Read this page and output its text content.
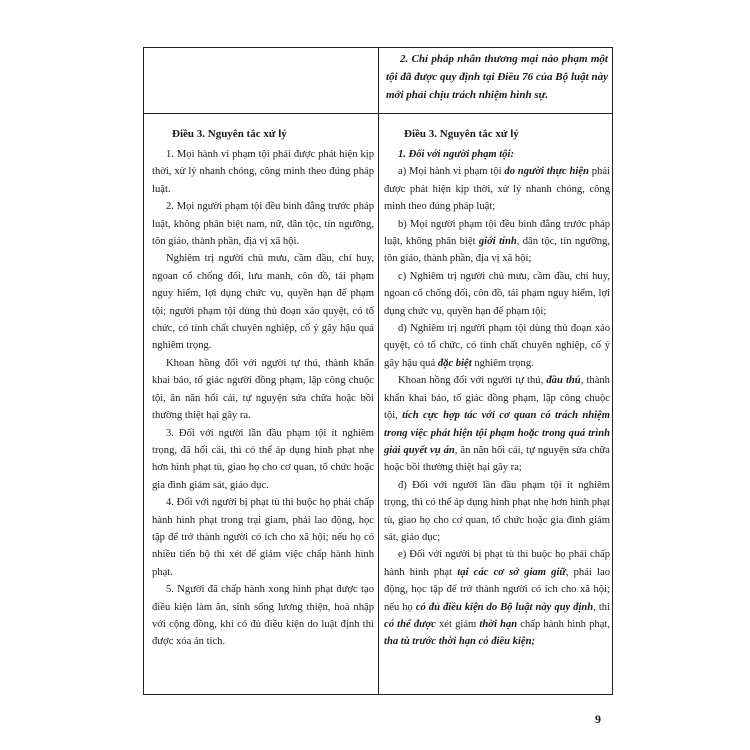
2. Chỉ pháp nhân thương mại nào phạm một tội đã được quy định tại Điều 76 của Bộ luật này mới phải chịu trách nhiệm hình sự.

Điều 3. Nguyên tắc xử lý

1. Mọi hành vi phạm tội phải được phát hiện kịp thời, xử lý nhanh chóng, công minh theo đúng pháp luật.

2. Mọi người phạm tội đều bình đẳng trước pháp luật, không phân biệt nam, nữ, dân tộc, tín ngưỡng, tôn giáo, thành phần, địa vị xã hội.

Nghiêm trị người chủ mưu, cầm đầu, chỉ huy, ngoan cố chống đối, lưu manh, côn đồ, tái phạm nguy hiểm, lợi dụng chức vụ, quyền hạn để phạm tội; người phạm tội dùng thủ đoạn xảo quyệt, có tổ chức, có tính chất chuyên nghiệp, cố ý gây hậu quả nghiêm trọng.

Khoan hồng đối với người tự thú, thành khẩn khai báo, tố giác người đồng phạm, lập công chuộc tội, ăn năn hối cải, tự nguyện sửa chữa hoặc bồi thường thiệt hại gây ra.

3. Đối với người lần đầu phạm tội ít nghiêm trọng, đã hối cải, thì có thể áp dụng hình phạt nhẹ hơn hình phạt tù, giao họ cho cơ quan, tổ chức hoặc gia đình giám sát, giáo dục.

4. Đối với người bị phạt tù thì buộc họ phải chấp hành hình phạt trong trại giam, phải lao động, học tập để trở thành người có ích cho xã hội; nếu họ có nhiều tiến bộ thì xét để giảm việc chấp hành hình phạt.

5. Người đã chấp hành xong hình phạt được tạo điều kiện làm ăn, sinh sống lương thiện, hoà nhập với cộng đồng, khi có đủ điều kiện do luật định thì được xóa án tích.

Điều 3. Nguyên tắc xử lý

1. Đối với người phạm tội:

a) Mọi hành vi phạm tội do người thực hiện phải được phát hiện kịp thời, xử lý nhanh chóng, công minh theo đúng pháp luật;

b) Mọi người phạm tội đều bình đẳng trước pháp luật, không phân biệt giới tính, dân tộc, tín ngưỡng, tôn giáo, thành phần, địa vị xã hội;

c) Nghiêm trị người chủ mưu, cầm đầu, chỉ huy, ngoan cố chống đối, côn đồ, tái phạm nguy hiểm, lợi dụng chức vụ, quyền hạn để phạm tội;

d) Nghiêm trị người phạm tội dùng thủ đoạn xảo quyệt, có tổ chức, có tính chất chuyên nghiệp, cố ý gây hậu quả đặc biệt nghiêm trọng.

Khoan hồng đối với người tự thú, đầu thú, thành khẩn khai báo, tố giác đồng phạm, lập công chuộc tội, tích cực hợp tác với cơ quan có trách nhiệm trong việc phát hiện tội phạm hoặc trong quá trình giải quyết vụ án, ăn năn hối cải, tự nguyện sửa chữa hoặc bồi thường thiệt hại gây ra;

đ) Đối với người lần đầu phạm tội ít nghiêm trọng, thì có thể áp dụng hình phạt nhẹ hơn hình phạt tù, giao họ cho cơ quan, tổ chức hoặc gia đình giám sát, giáo dục;

e) Đối với người bị phạt tù thì buộc họ phải chấp hành hình phạt tại các cơ sở giam giữ, phải lao động, học tập để trở thành người có ích cho xã hội; nếu họ có đủ điều kiện do Bộ luật này quy định, thì có thể được xét giảm thời hạn chấp hành hình phạt, tha tù trước thời hạn có điều kiện;

9
